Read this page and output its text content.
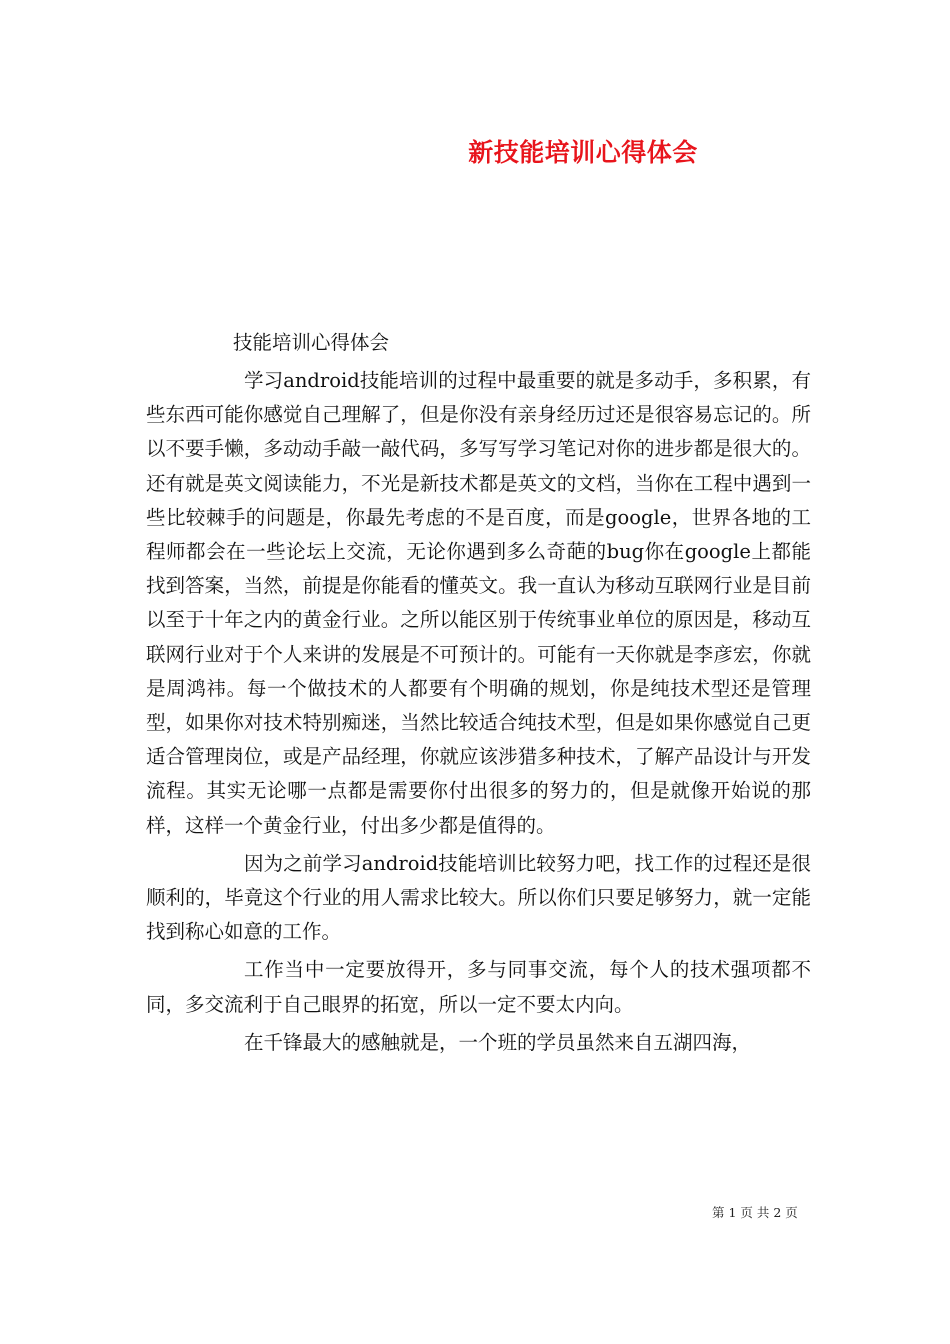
新技能培训心得体会
技能培训心得体会

学习android技能培训的过程中最重要的就是多动手，多积累，有些东西可能你感觉自己理解了，但是你没有亲身经历过还是很容易忘记的。所以不要手懒，多动动手敲一敲代码，多写写学习笔记对你的进步都是很大的。还有就是英文阅读能力，不光是新技术都是英文的文档，当你在工程中遇到一些比较棘手的问题是，你最先考虑的不是百度，而是google，世界各地的工程师都会在一些论坛上交流，无论你遇到多么奇葩的bug你在google上都能找到答案，当然，前提是你能看的懂英文。我一直认为移动互联网行业是目前以至于十年之内的黄金行业。之所以能区别于传统事业单位的原因是，移动互联网行业对于个人来讲的发展是不可预计的。可能有一天你就是李彦宏，你就是周鸿祎。每一个做技术的人都要有个明确的规划，你是纯技术型还是管理型，如果你对技术特别痴迷，当然比较适合纯技术型，但是如果你感觉自己更适合管理岗位，或是产品经理，你就应该涉猎多种技术，了解产品设计与开发流程。其实无论哪一点都是需要你付出很多的努力的，但是就像开始说的那样，这样一个黄金行业，付出多少都是值得的。

因为之前学习android技能培训比较努力吧，找工作的过程还是很顺利的，毕竟这个行业的用人需求比较大。所以你们只要足够努力，就一定能找到称心如意的工作。

工作当中一定要放得开，多与同事交流，每个人的技术强项都不同，多交流利于自己眼界的拓宽，所以一定不要太内向。

在千锋最大的感触就是，一个班的学员虽然来自五湖四海，

第 1 页 共 2 页
